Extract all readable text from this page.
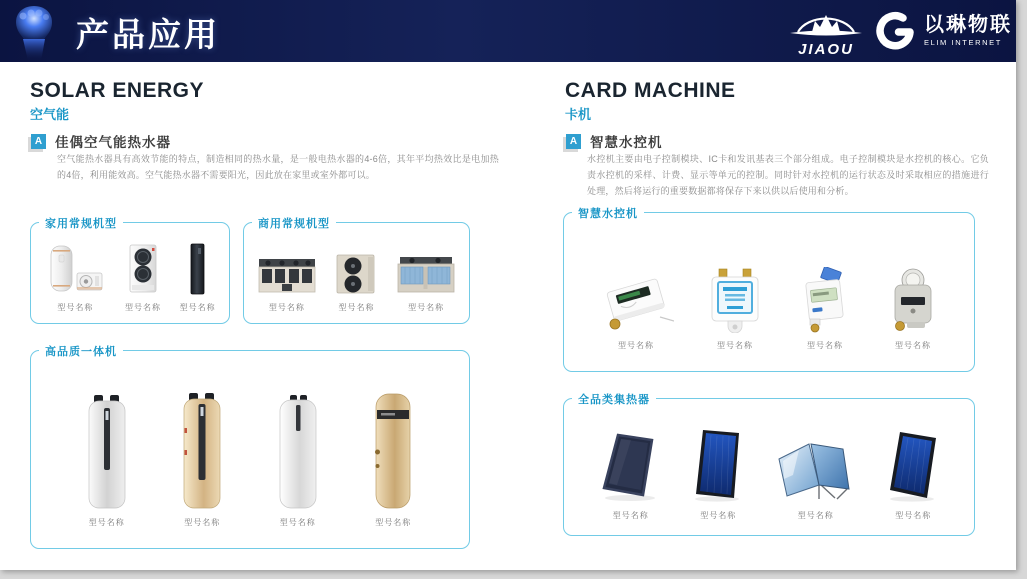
产品应用	JIAOU
以琳物联
ELIM INTERNET
SOLAR ENERGY
空气能
A 佳偶空气能热水器
空气能热水器具有高效节能的特点，制造相同的热水量，是一般电热水器的4-6倍，其年平均热效比是电加热的4倍，利用能效高。空气能热水器不需要阳光，因此放在家里或室外都可以。
家用常规机型
型号名称	型号名称 型号名称
商用常规机型
型号名称	型号名称	型号名称
高品质一体机
型号名称	型号名称	型号名称	型号名称
CARD MACHINE
卡机
A 智慧水控机
水控机主要由电子控制模块、IC卡和发讯基表三个部分组成。电子控制模块是水控机的核心。它负责水控机的采样、计费、显示等单元的控制。同时针对水控机的运行状态及时采取相应的措施进行处理，然后将运行的重要数据都将保存下来以供以后使用和分析。
智慧水控机
型号名称	型号名称	型号名称	型号名称
全品类集热器
型号名称	型号名称	型号名称	型号名称
